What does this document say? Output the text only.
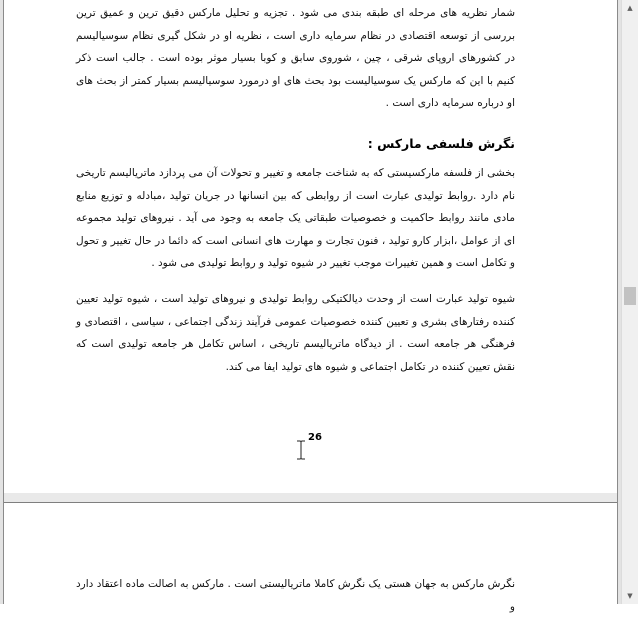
شمار نظریه های مرحله ای طبقه بندی می شود . تجزیه و تحلیل مارکس دقیق ترین و عمیق ترین بررسی از توسعه اقتصادی در نظام سرمایه داری است ، نظریه او در شکل گیری نظام سوسیالیسم در کشورهای اروپای شرقی ، چین ، شوروی سابق و کوبا بسیار موثر بوده است . جالب است ذکر کنیم با این که مارکس یک سوسیالیست بود بحث های او درمورد سوسیالیسم بسیار کمتر از بحث های او درباره سرمایه داری است .
نگرش فلسفی مارکس :
بخشی از فلسفه مارکسیستی که به شناخت جامعه و تغییر و تحولات آن می پردازد ماتریالیسم تاریخی نام دارد .روابط تولیدی عبارت است از روابطی که بین انسانها در جریان تولید ،مبادله و توزیع منابع مادی مانند روابط حاکمیت و خصوصیات طبقاتی یک جامعه به وجود می آید . نیروهای تولید مجموعه ای از عوامل ،ابزار کارو تولید ، فنون تجارت و مهارت های انسانی است که دائما در حال تغییر و تحول و تکامل است و همین تغییرات موجب تغییر در شیوه تولید و روابط تولیدی می شود .
شیوه تولید عبارت است از وحدت دیالکتیکی روابط تولیدی و نیروهای تولید است ، شیوه تولید تعیین کننده رفتارهای بشری و تعیین کننده خصوصیات عمومی فرآیند زندگی اجتماعی ، سیاسی ، اقتصادی و فرهنگی هر جامعه است . از دیدگاه ماتریالیسم تاریخی ، اساس تکامل هر جامعه تولیدی است که نقش تعیین کننده در تکامل اجتماعی و شیوه های تولید ایفا می کند.
26
نگرش مارکس به جهان هستی یک نگرش کاملا ماتریالیستی است . مارکس به اصالت ماده اعتقاد دارد و
▲
▼
